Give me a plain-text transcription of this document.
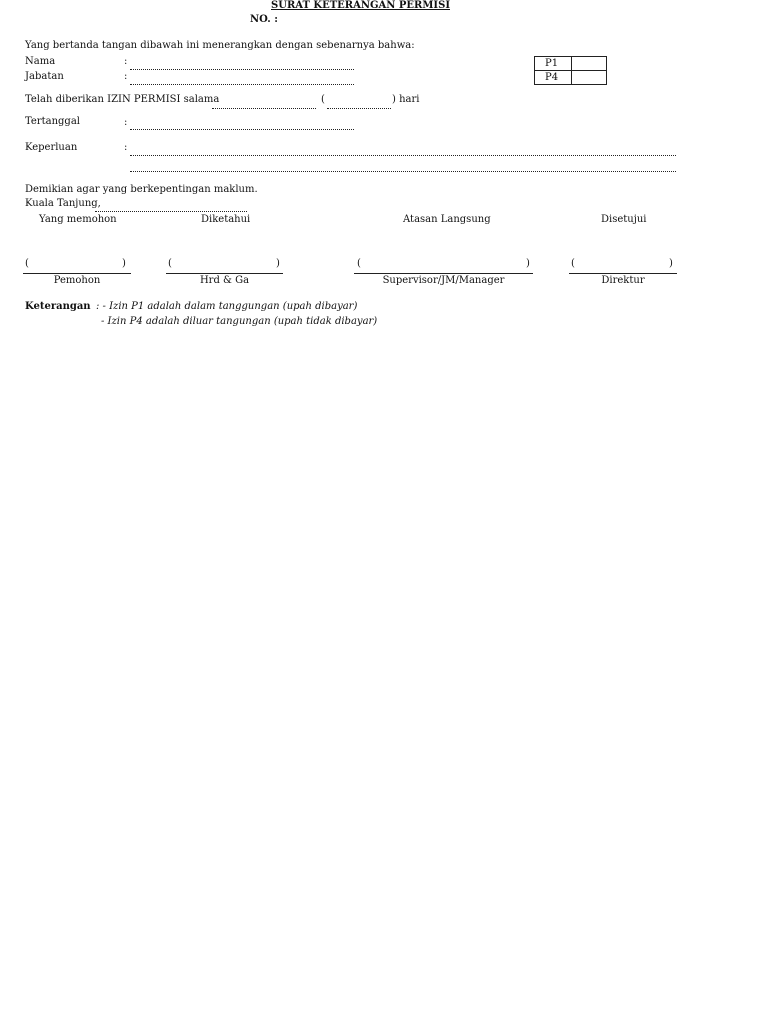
SURAT KETERANGAN PERMISI
NO. :
Yang bertanda tangan dibawah ini menerangkan dengan sebenarnya bahwa:
Nama	:
Jabatan	:
P1	
P4	
Telah diberikan IZIN PERMISI salama	(	) hari
Tertanggal	:
Keperluan	:
Demikian agar yang berkepentingan maklum.
Kuala Tanjung,
Yang memohon	Diketahui	Atasan Langsung	Disetujui
(	)	(	)	(	)	(	)
Pemohon	Hrd & Ga	Supervisor/JM/Manager	Direktur
Keterangan : - Izin P1 adalah dalam tanggungan (upah dibayar)
- Izin P4 adalah diluar tangungan (upah tidak dibayar)
